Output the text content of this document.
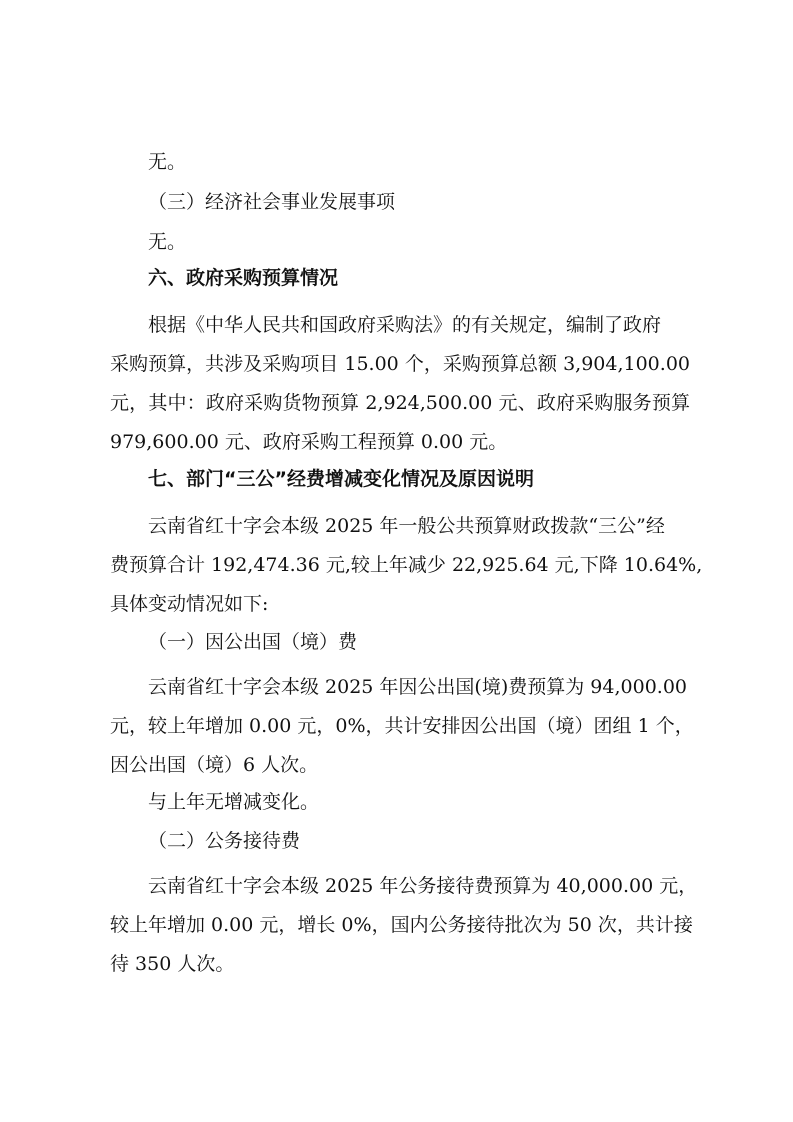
无。
（三）经济社会事业发展事项
无。
六、政府采购预算情况
根据《中华人民共和国政府采购法》的有关规定，编制了政府
采购预算，共涉及采购项目 15.00 个，采购预算总额 3,904,100.00
元，其中：政府采购货物预算 2,924,500.00 元、政府采购服务预算
979,600.00 元、政府采购工程预算 0.00 元。
七、部门“三公”经费增减变化情况及原因说明
云南省红十字会本级 2025 年一般公共预算财政拨款“三公”经
费预算合计 192,474.36 元,较上年减少 22,925.64 元,下降 10.64%,
具体变动情况如下:
（一）因公出国（境）费
云南省红十字会本级 2025 年因公出国(境)费预算为 94,000.00
元，较上年增加 0.00 元，0%，共计安排因公出国（境）团组 1 个，
因公出国（境）6 人次。
与上年无增减变化。
（二）公务接待费
云南省红十字会本级 2025 年公务接待费预算为 40,000.00 元，
较上年增加 0.00 元，增长 0%，国内公务接待批次为 50 次，共计接
待 350 人次。
